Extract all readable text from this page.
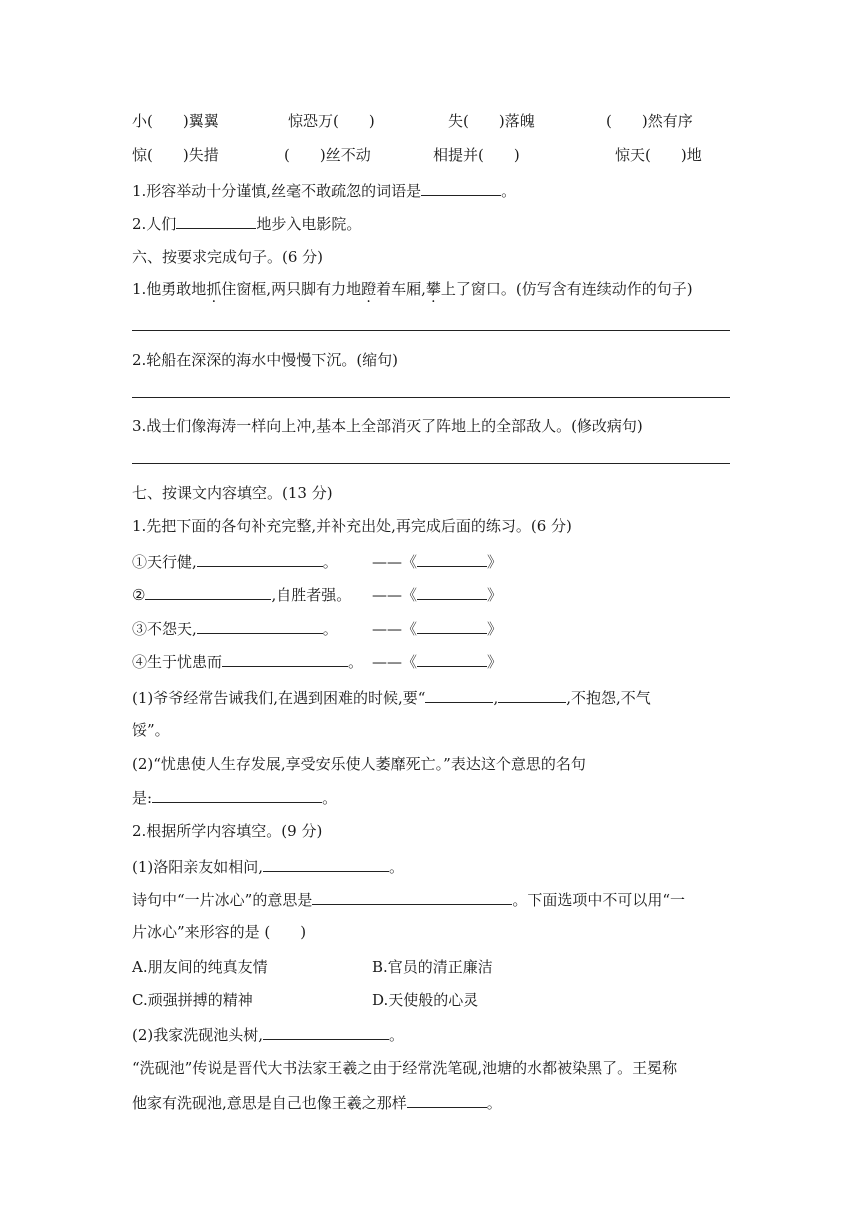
小(　　)翼翼	惊恐万(　　)	失(　　)落魄	(　　)然有序
惊(　　)失措	(　　)丝不动	相提并(　　)	惊天(　　)地
1.形容举动十分谨慎,丝毫不敢疏忽的词语是	。
2.人们	地步入电影院。
六、按要求完成句子。(6 分)
1.他勇敢地抓住窗框,两只脚有力地蹬着车厢,攀上了窗口。(仿写含有连续动作的句子)
2.轮船在深深的海水中慢慢下沉。(缩句)
3.战士们像海涛一样向上冲,基本上全部消灭了阵地上的全部敌人。(修改病句)
七、按课文内容填空。(13 分)
1.先把下面的各句补充完整,并补充出处,再完成后面的练习。(6 分)
①天行健,	。 ——《	》
②	,自胜者强。 ——《	》
③不怨天,	。 ——《	》
④生于忧患而	。 ——《	》
(1)爷爷经常告诫我们,在遇到困难的时候,要“	,	,不抱怨,不气
馁”。
(2)“忧患使人生存发展,享受安乐使人萎靡死亡。”表达这个意思的名句
是:	。
2.根据所学内容填空。(9 分)
(1)洛阳亲友如相问,	。
诗句中“一片冰心”的意思是	。下面选项中不可以用“一
片冰心”来形容的是 (　　)
A.朋友间的纯真友情	B.官员的清正廉洁
C.顽强拼搏的精神	D.天使般的心灵
(2)我家洗砚池头树,	。
“洗砚池”传说是晋代大书法家王羲之由于经常洗笔砚,池塘的水都被染黑了。王冕称
他家有洗砚池,意思是自己也像王羲之那样	。
